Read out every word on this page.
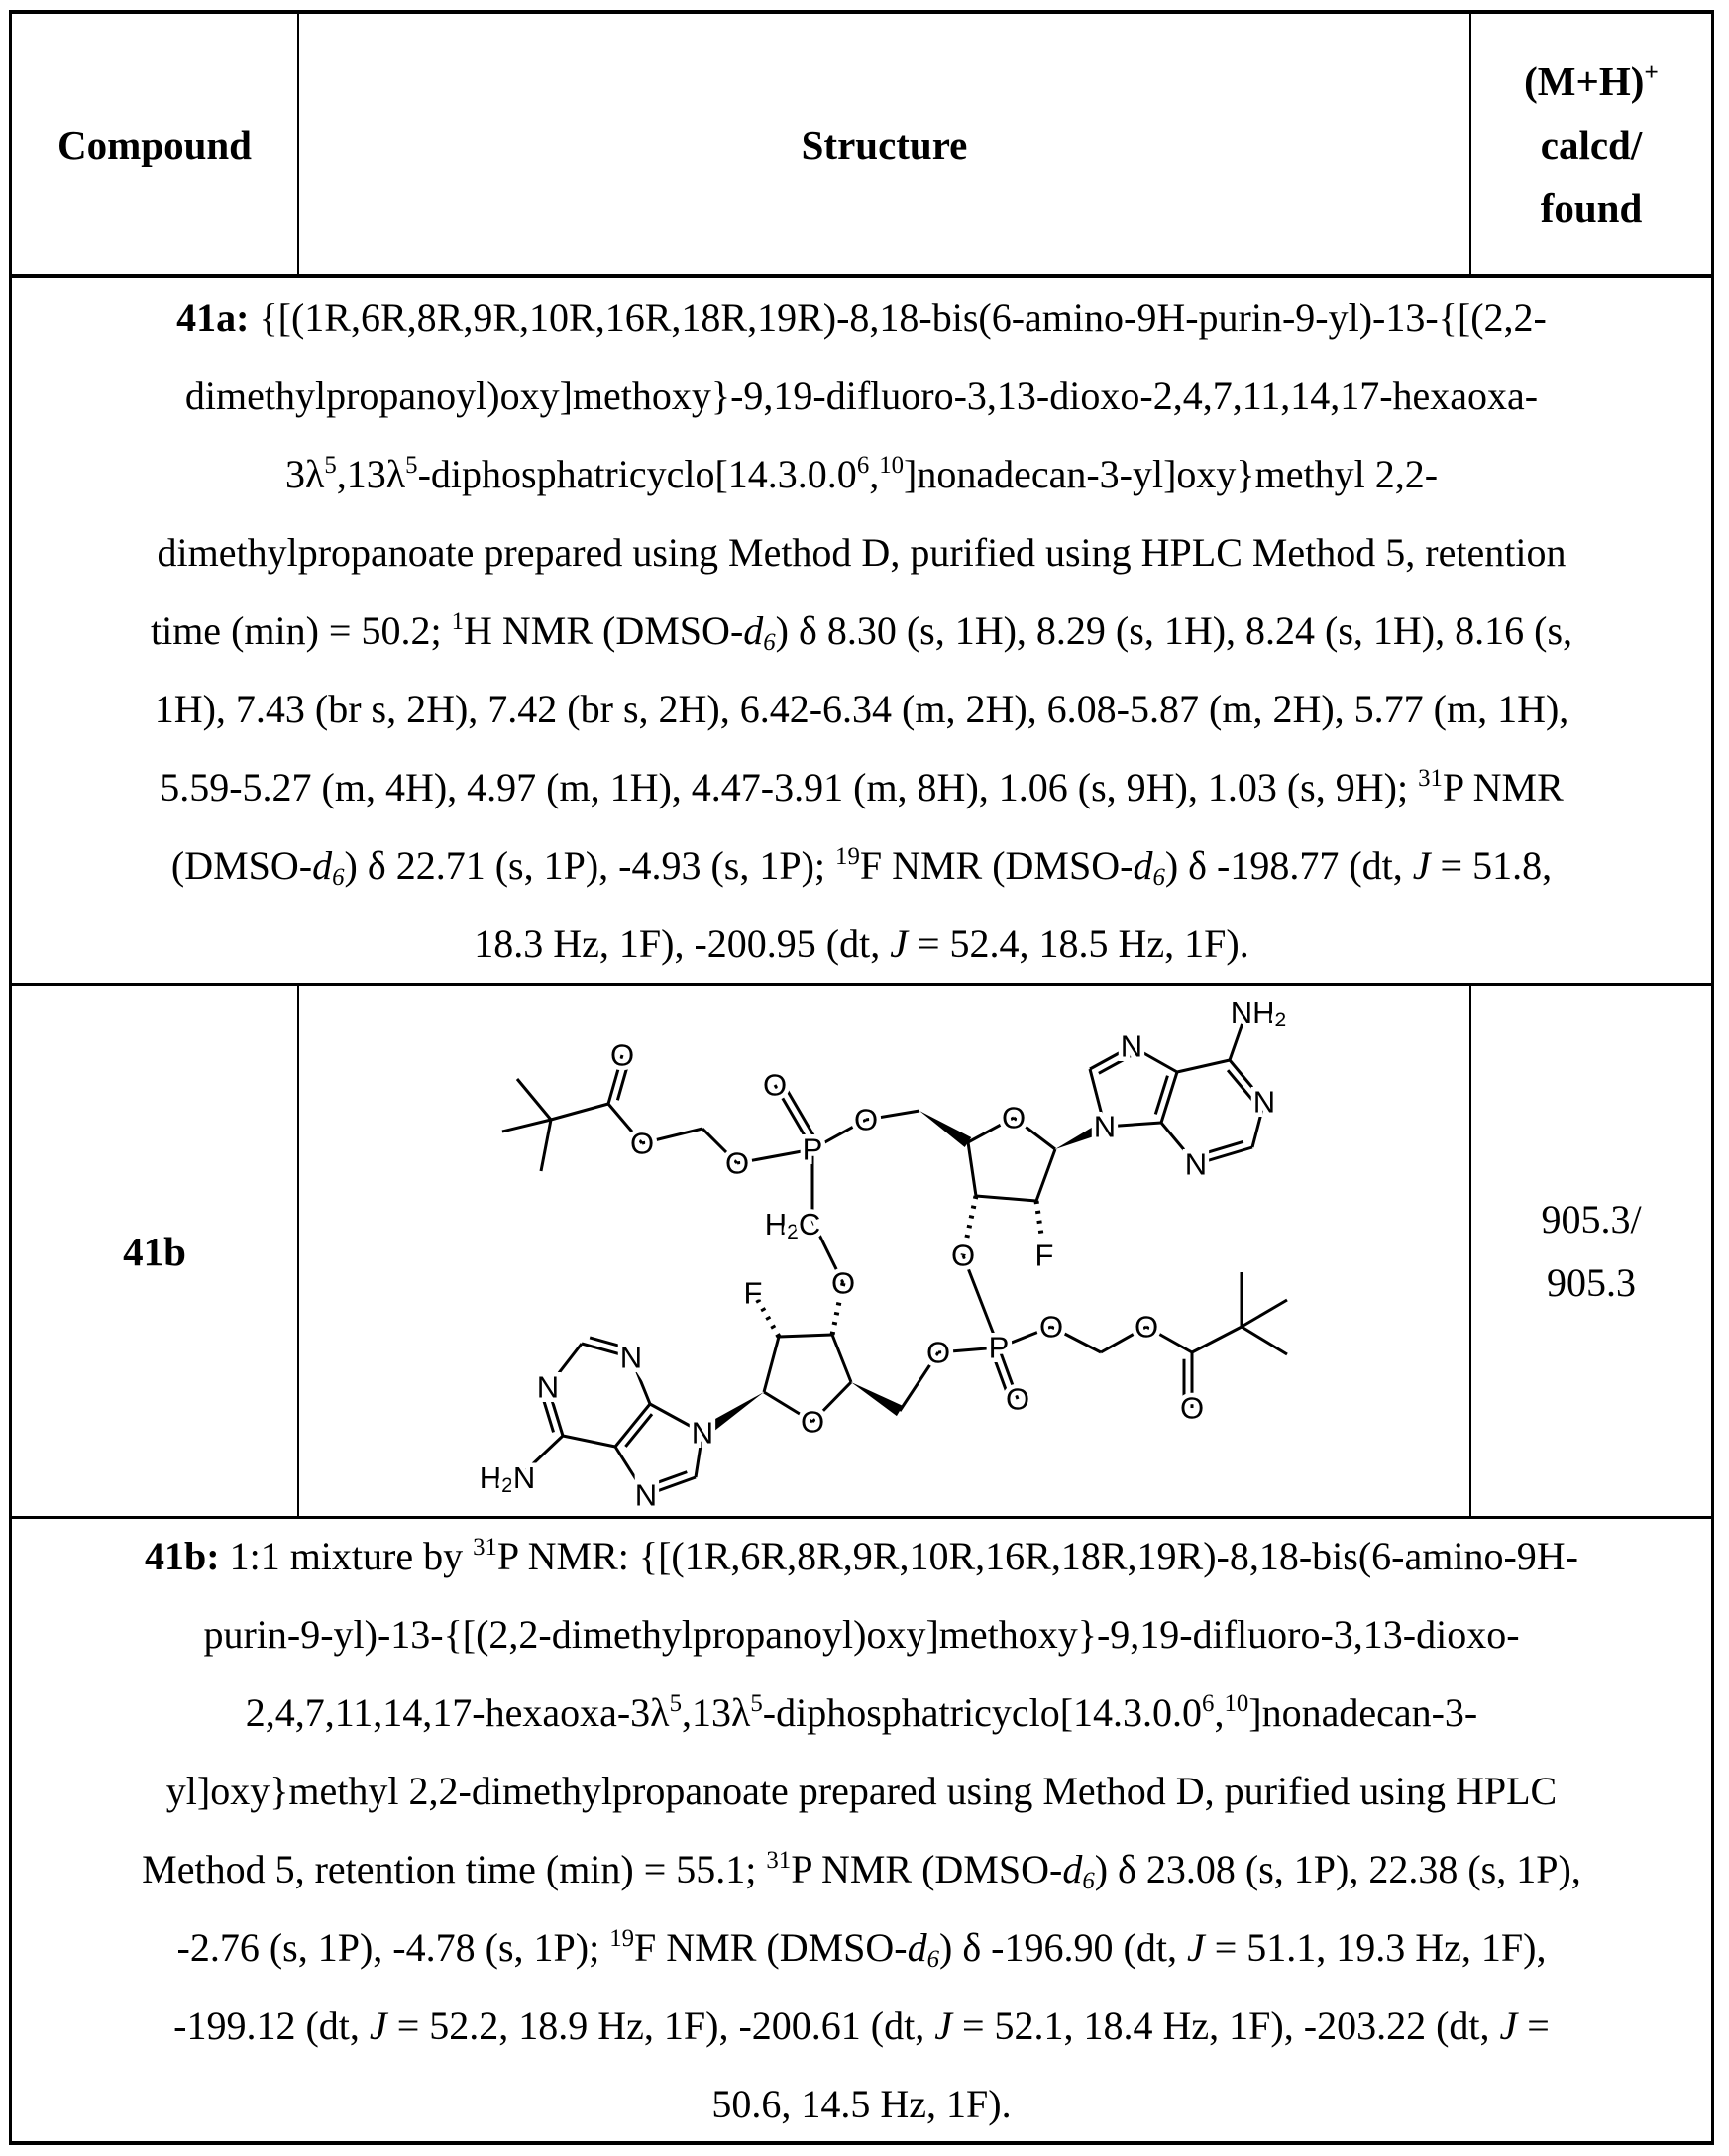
Compound	Structure
(M+H)+
calcd/
found
41a: {[(1R,6R,8R,9R,10R,16R,18R,19R)-8,18-bis(6-amino-9H-purin-9-yl)-13-{[(2,2-
dimethylpropanoyl)oxy]methoxy}-9,19-difluoro-3,13-dioxo-2,4,7,11,14,17-hexaoxa-
3λ5,13λ5-diphosphatricyclo[14.3.0.06,10]nonadecan-3-yl]oxy}methyl 2,2-
dimethylpropanoate prepared using Method D, purified using HPLC Method 5, retention
time (min) = 50.2; 1H NMR (DMSO-d6) δ 8.30 (s, 1H), 8.29 (s, 1H), 8.24 (s, 1H), 8.16 (s,
1H), 7.43 (br s, 2H), 7.42 (br s, 2H), 6.42-6.34 (m, 2H), 6.08-5.87 (m, 2H), 5.77 (m, 1H),
5.59-5.27 (m, 4H), 4.97 (m, 1H), 4.47-3.91 (m, 8H), 1.06 (s, 9H), 1.03 (s, 9H); 31P NMR
(DMSO-d6) δ 22.71 (s, 1P), -4.93 (s, 1P); 19F NMR (DMSO-d6) δ -198.77 (dt, J = 51.8,
18.3 Hz, 1F), -200.95 (dt, J = 52.4, 18.5 Hz, 1F).
41b
O
O
O P
O
O	O N
N
N
N
NH2
O F
H2C
O
F
P
O
O
O O
O
O
N
N
N
N
H2N
905.3/
905.3
41b: 1:1 mixture by 31P NMR: {[(1R,6R,8R,9R,10R,16R,18R,19R)-8,18-bis(6-amino-9H-
purin-9-yl)-13-{[(2,2-dimethylpropanoyl)oxy]methoxy}-9,19-difluoro-3,13-dioxo-
2,4,7,11,14,17-hexaoxa-3λ5,13λ5-diphosphatricyclo[14.3.0.06,10]nonadecan-3-
yl]oxy}methyl 2,2-dimethylpropanoate prepared using Method D, purified using HPLC
Method 5, retention time (min) = 55.1; 31P NMR (DMSO-d6) δ 23.08 (s, 1P), 22.38 (s, 1P),
-2.76 (s, 1P), -4.78 (s, 1P); 19F NMR (DMSO-d6) δ -196.90 (dt, J = 51.1, 19.3 Hz, 1F),
-199.12 (dt, J = 52.2, 18.9 Hz, 1F), -200.61 (dt, J = 52.1, 18.4 Hz, 1F), -203.22 (dt, J =
50.6, 14.5 Hz, 1F).
